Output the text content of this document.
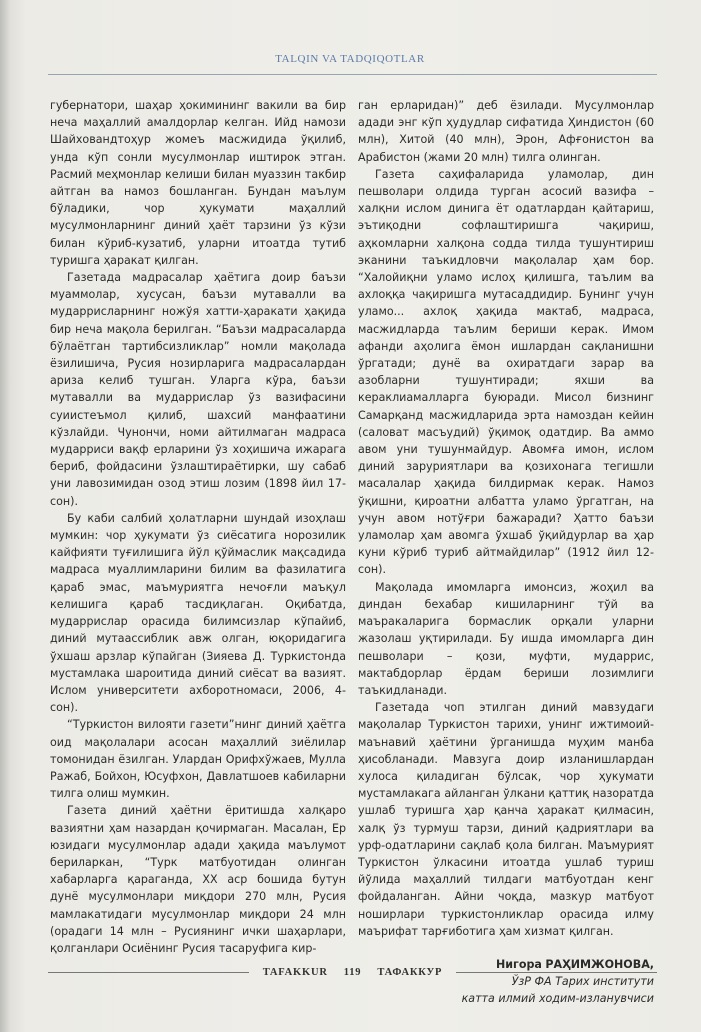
TALQIN VA TADQIQOTLAR

губернатори, шаҳар ҳокимининг вакили ва бир неча маҳаллий амалдорлар келган. Ийд намози Шайховандтоҳур жомеъ масжидида ўқилиб, унда кўп сонли мусулмонлар иштирок этган. Расмий меҳмонлар келиши билан муаззин такбир айтган ва намоз бошланган. Бундан маълум бўладики, чор ҳукумати маҳаллий мусулмонларнинг диний ҳаёт тарзини ўз кўзи билан кўриб-кузатиб, уларни итоатда тутиб туришга ҳаракат қилган.

Газетада мадрасалар ҳаётига доир баъзи муаммолар, хусусан, баъзи мутавалли ва мударрисларнинг ножўя хатти-ҳаракати ҳақида бир неча мақола берилган. “Баъзи мадрасаларда бўлаётган тартибсизликлар” номли мақолада ёзилишича, Русия нозирларига мадрасалардан ариза келиб тушган. Уларга кўра, баъзи мутавалли ва мударрислар ўз вазифасини суиистеъмол қилиб, шахсий манфаатини кўзлайди. Чунончи, номи айтилмаган мадраса мударриси вақф ерларини ўз хоҳишича ижарага бериб, фойдасини ўзлаштираётирки, шу сабаб уни лавозимидан озод этиш лозим (1898 йил 17-сон).

Бу каби салбий ҳолатларни шундай изоҳлаш мумкин: чор ҳукумати ўз сиёсатига норозилик кайфияти туғилишига йўл қўймаслик мақсадида мадраса муаллимларини билим ва фазилатига қараб эмас, маъмуриятга нечоғли маъқул келишига қараб тасдиқлаган. Оқибатда, мударрислар орасида билимсизлар кўпайиб, диний мутаассиблик авж олган, юқоридагига ўхшаш арзлар кўпайган (Зияева Д. Туркистонда мустамлака шароитида диний сиёсат ва вазият. Ислом университети ахборотномаси, 2006, 4-сон).

“Туркистон вилояти газети”нинг диний ҳаётга оид мақолалари асосан маҳаллий зиёлилар томонидан ёзилган. Улардан Орифхўжаев, Мулла Ражаб, Бойхон, Юсуфхон, Давлатшоев кабиларни тилга олиш мумкин.

Газета диний ҳаётни ёритишда халқаро вазиятни ҳам назардан қочирмаган. Масалан, Ер юзидаги мусулмонлар адади ҳақида маълумот бериларкан, “Турк матбуотидан олинган хабарларга қараганда, XX аср бошида бутун дунё мусулмонлари миқдори 270 млн, Русия мамлакатидаги мусулмонлар миқдори 24 млн (орадаги 14 млн – Русиянинг ички шаҳарлари, қолганлари Осиёнинг Русия тасаруфига кир-

ган ерларидан)” деб ёзилади. Мусулмонлар адади энг кўп ҳудудлар сифатида Ҳиндистон (60 млн), Хитой (40 млн), Эрон, Афғонистон ва Арабистон (жами 20 млн) тилга олинган.

Газета саҳифаларида уламолар, дин пешволари олдида турган асосий вазифа – халқни ислом динига ёт одатлардан қайтариш, эътиқодни софлаштиришга чақириш, аҳкомларни халқона содда тилда тушунтириш эканини таъкидловчи мақолалар ҳам бор. “Халойиқни уламо ислоҳ қилишга, таълим ва ахлоққа чақиришга мутасаддидир. Бунинг учун уламо... ахлоқ ҳақида мактаб, мадраса, масжидларда таълим бериши керак. Имом афанди аҳолига ёмон ишлардан сақланишни ўргатади; дунё ва охиратдаги зарар ва азобларни тушунтиради; яхши ва кераклиамалларга буюради. Мисол бизнинг Самарқанд масжидларида эрта намоздан кейин (саловат масъудий) ўқимоқ одатдир. Ва аммо авом уни тушунмайдур. Авомға имон, ислом диний заруриятлари ва қозихонага тегишли масалалар ҳақида билдирмак керак. Намоз ўқишни, қироатни албатта уламо ўргатган, на учун авом нотўғри бажаради? Ҳатто баъзи уламолар ҳам авомга ўхшаб ўқийдурлар ва ҳар куни кўриб туриб айтмайдилар” (1912 йил 12-сон).

Мақолада имомларга имонсиз, жоҳил ва диндан бехабар кишиларнинг тўй ва маъракаларига бормаслик орқали уларни жазолаш уқтирилади. Бу ишда имомларга дин пешволари – қози, муфти, мударрис, мактабдорлар ёрдам бериши лозимлиги таъкидланади.

Газетада чоп этилган диний мавзудаги мақолалар Туркистон тарихи, унинг ижтимоий-маънавий ҳаётини ўрганишда муҳим манба ҳисобланади. Мавзуга доир изланишлардан хулоса қиладиган бўлсак, чор ҳукумати мустамлакага айланган ўлкани қаттиқ назоратда ушлаб туришга ҳар қанча ҳаракат қилмасин, халқ ўз турмуш тарзи, диний қадриятлари ва урф-одатларини сақлаб қола билган. Маъмурият Туркистон ўлкасини итоатда ушлаб туриш йўлида маҳаллий тилдаги матбуотдан кенг фойдаланган. Айни чоқда, мазкур матбуот ноширлари туркистонликлар орасида илму маърифат тарғиботига ҳам хизмат қилган.

Нигора РАҲИМЖОНОВА,
ЎзР ФА Тарих институти
катта илмий ходим-изланувчиси
TAFAKKUR	119	ТАФАККУР
